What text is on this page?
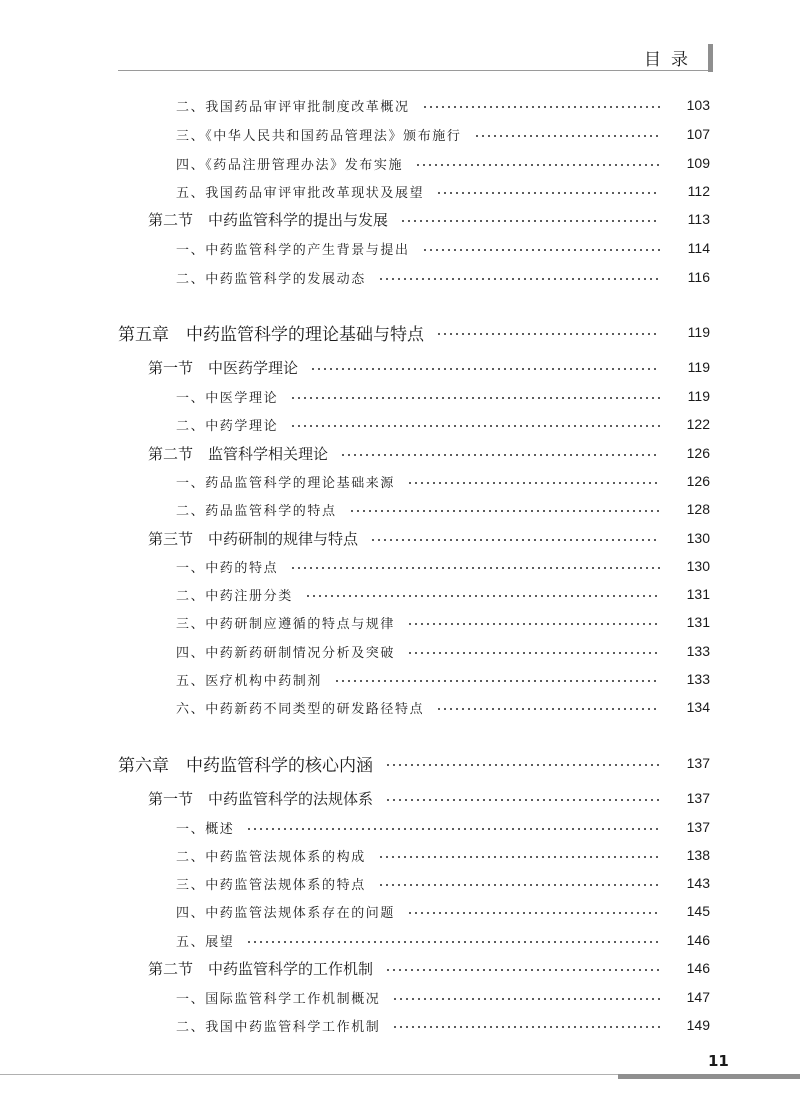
目录
二、我国药品审评审批制度改革概况	103
三、《中华人民共和国药品管理法》颁布施行	107
四、《药品注册管理办法》发布实施	109
五、我国药品审评审批改革现状及展望	112
第二节　中药监管科学的提出与发展	113
一、中药监管科学的产生背景与提出	114
二、中药监管科学的发展动态	116
第五章　中药监管科学的理论基础与特点	119
第一节　中医药学理论	119
一、中医学理论	119
二、中药学理论	122
第二节　监管科学相关理论	126
一、药品监管科学的理论基础来源	126
二、药品监管科学的特点	128
第三节　中药研制的规律与特点	130
一、中药的特点	130
二、中药注册分类	131
三、中药研制应遵循的特点与规律	131
四、中药新药研制情况分析及突破	133
五、医疗机构中药制剂	133
六、中药新药不同类型的研发路径特点	134
第六章　中药监管科学的核心内涵	137
第一节　中药监管科学的法规体系	137
一、概述	137
二、中药监管法规体系的构成	138
三、中药监管法规体系的特点	143
四、中药监管法规体系存在的问题	145
五、展望	146
第二节　中药监管科学的工作机制	146
一、国际监管科学工作机制概况	147
二、我国中药监管科学工作机制	149
11
